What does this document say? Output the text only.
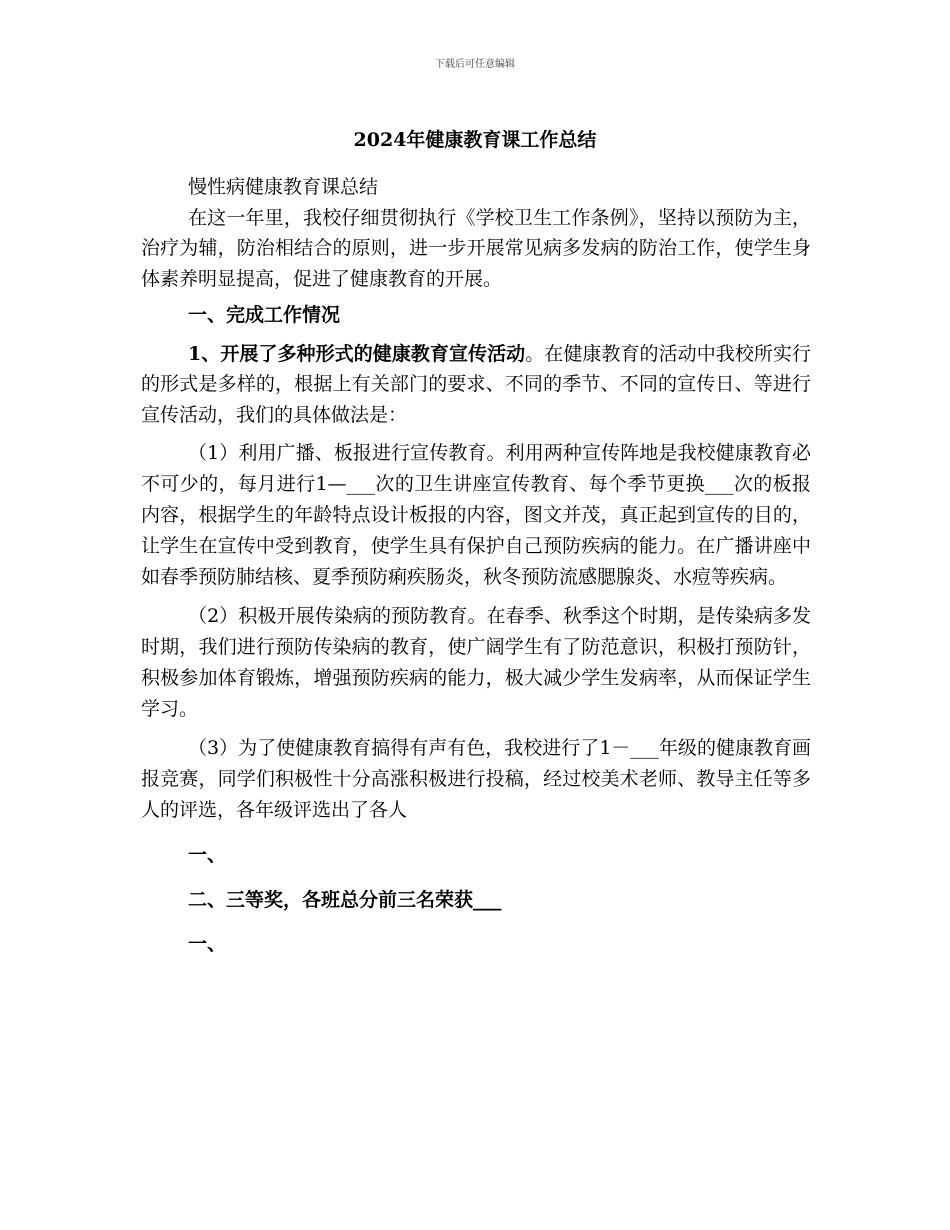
下载后可任意编辑
2024年健康教育课工作总结

慢性病健康教育课总结

在这一年里，我校仔细贯彻执行《学校卫生工作条例》，坚持以预防为主，治疗为辅，防治相结合的原则，进一步开展常见病多发病的防治工作，使学生身体素养明显提高，促进了健康教育的开展。

一、完成工作情况

1、开展了多种形式的健康教育宣传活动。在健康教育的活动中我校所实行的形式是多样的，根据上有关部门的要求、不同的季节、不同的宣传日、等进行宣传活动，我们的具体做法是：

（1）利用广播、板报进行宣传教育。利用两种宣传阵地是我校健康教育必不可少的，每月进行1—___次的卫生讲座宣传教育、每个季节更换___次的板报内容，根据学生的年龄特点设计板报的内容，图文并茂，真正起到宣传的目的，让学生在宣传中受到教育，使学生具有保护自己预防疾病的能力。在广播讲座中如春季预防肺结核、夏季预防痢疾肠炎，秋冬预防流感腮腺炎、水痘等疾病。

（2）积极开展传染病的预防教育。在春季、秋季这个时期，是传染病多发时期，我们进行预防传染病的教育，使广阔学生有了防范意识，积极打预防针，积极参加体育锻炼，增强预防疾病的能力，极大减少学生发病率，从而保证学生学习。

（3）为了使健康教育搞得有声有色，我校进行了1－___年级的健康教育画报竞赛，同学们积极性十分高涨积极进行投稿，经过校美术老师、教导主任等多人的评选，各年级评选出了各人

一、

二、三等奖，各班总分前三名荣获___

一、
